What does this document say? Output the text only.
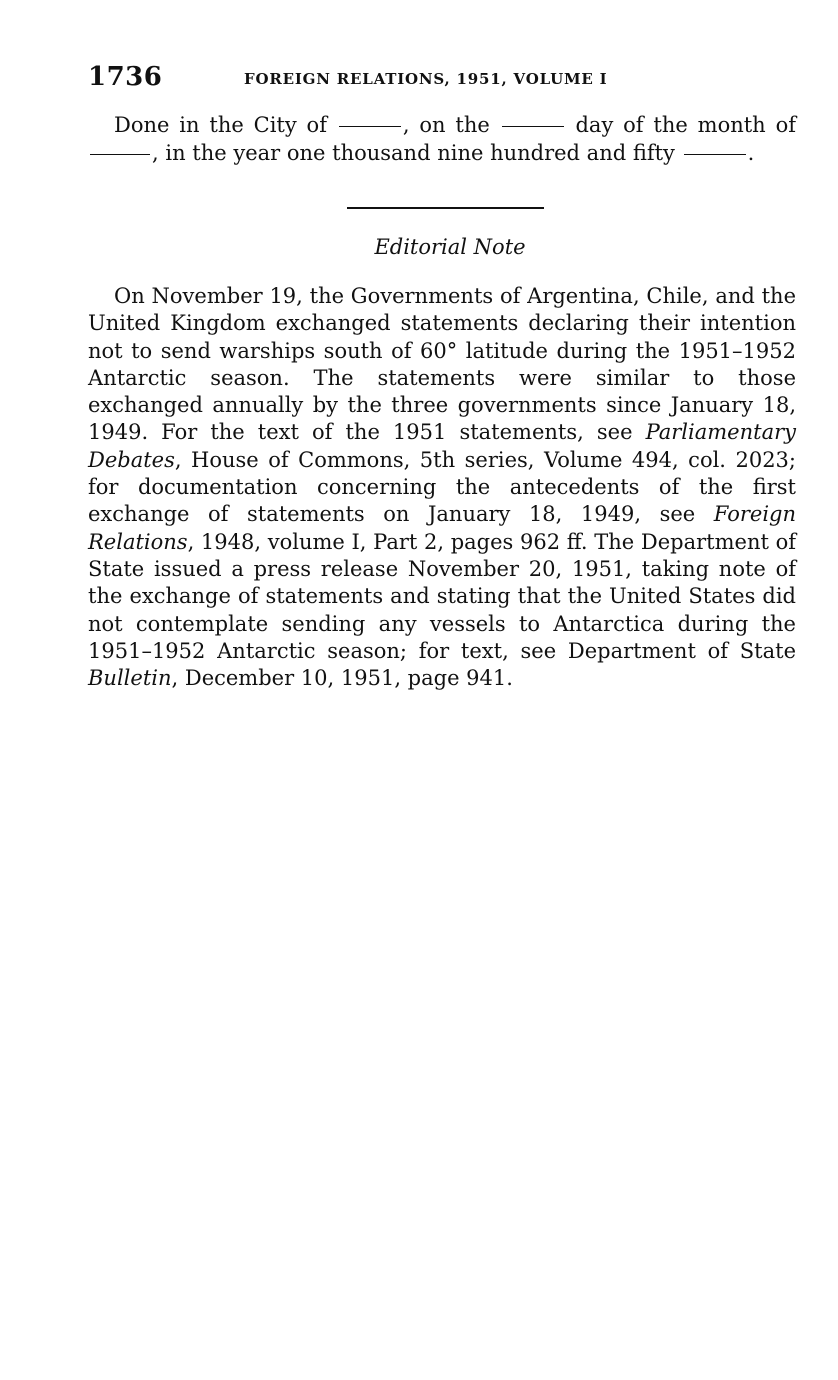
1736	FOREIGN RELATIONS, 1951, VOLUME I

Done in the City of	, on the	day of the month of , in the year one thousand nine hundred and fifty	.

Editorial Note

On November 19, the Governments of Argentina, Chile, and the United Kingdom exchanged statements declaring their intention not to send warships south of 60° latitude during the 1951–1952 Antarctic season. The statements were similar to those exchanged annually by the three governments since January 18, 1949. For the text of the 1951 statements, see Parliamentary Debates, House of Commons, 5th series, Volume 494, col. 2023; for documentation concerning the antecedents of the first exchange of statements on January 18, 1949, see Foreign Relations, 1948, volume I, Part 2, pages 962 ff. The Department of State issued a press release November 20, 1951, taking note of the exchange of statements and stating that the United States did not contemplate sending any vessels to Antarctica during the 1951–1952 Antarctic season; for text, see Department of State Bulletin, December 10, 1951, page 941.
